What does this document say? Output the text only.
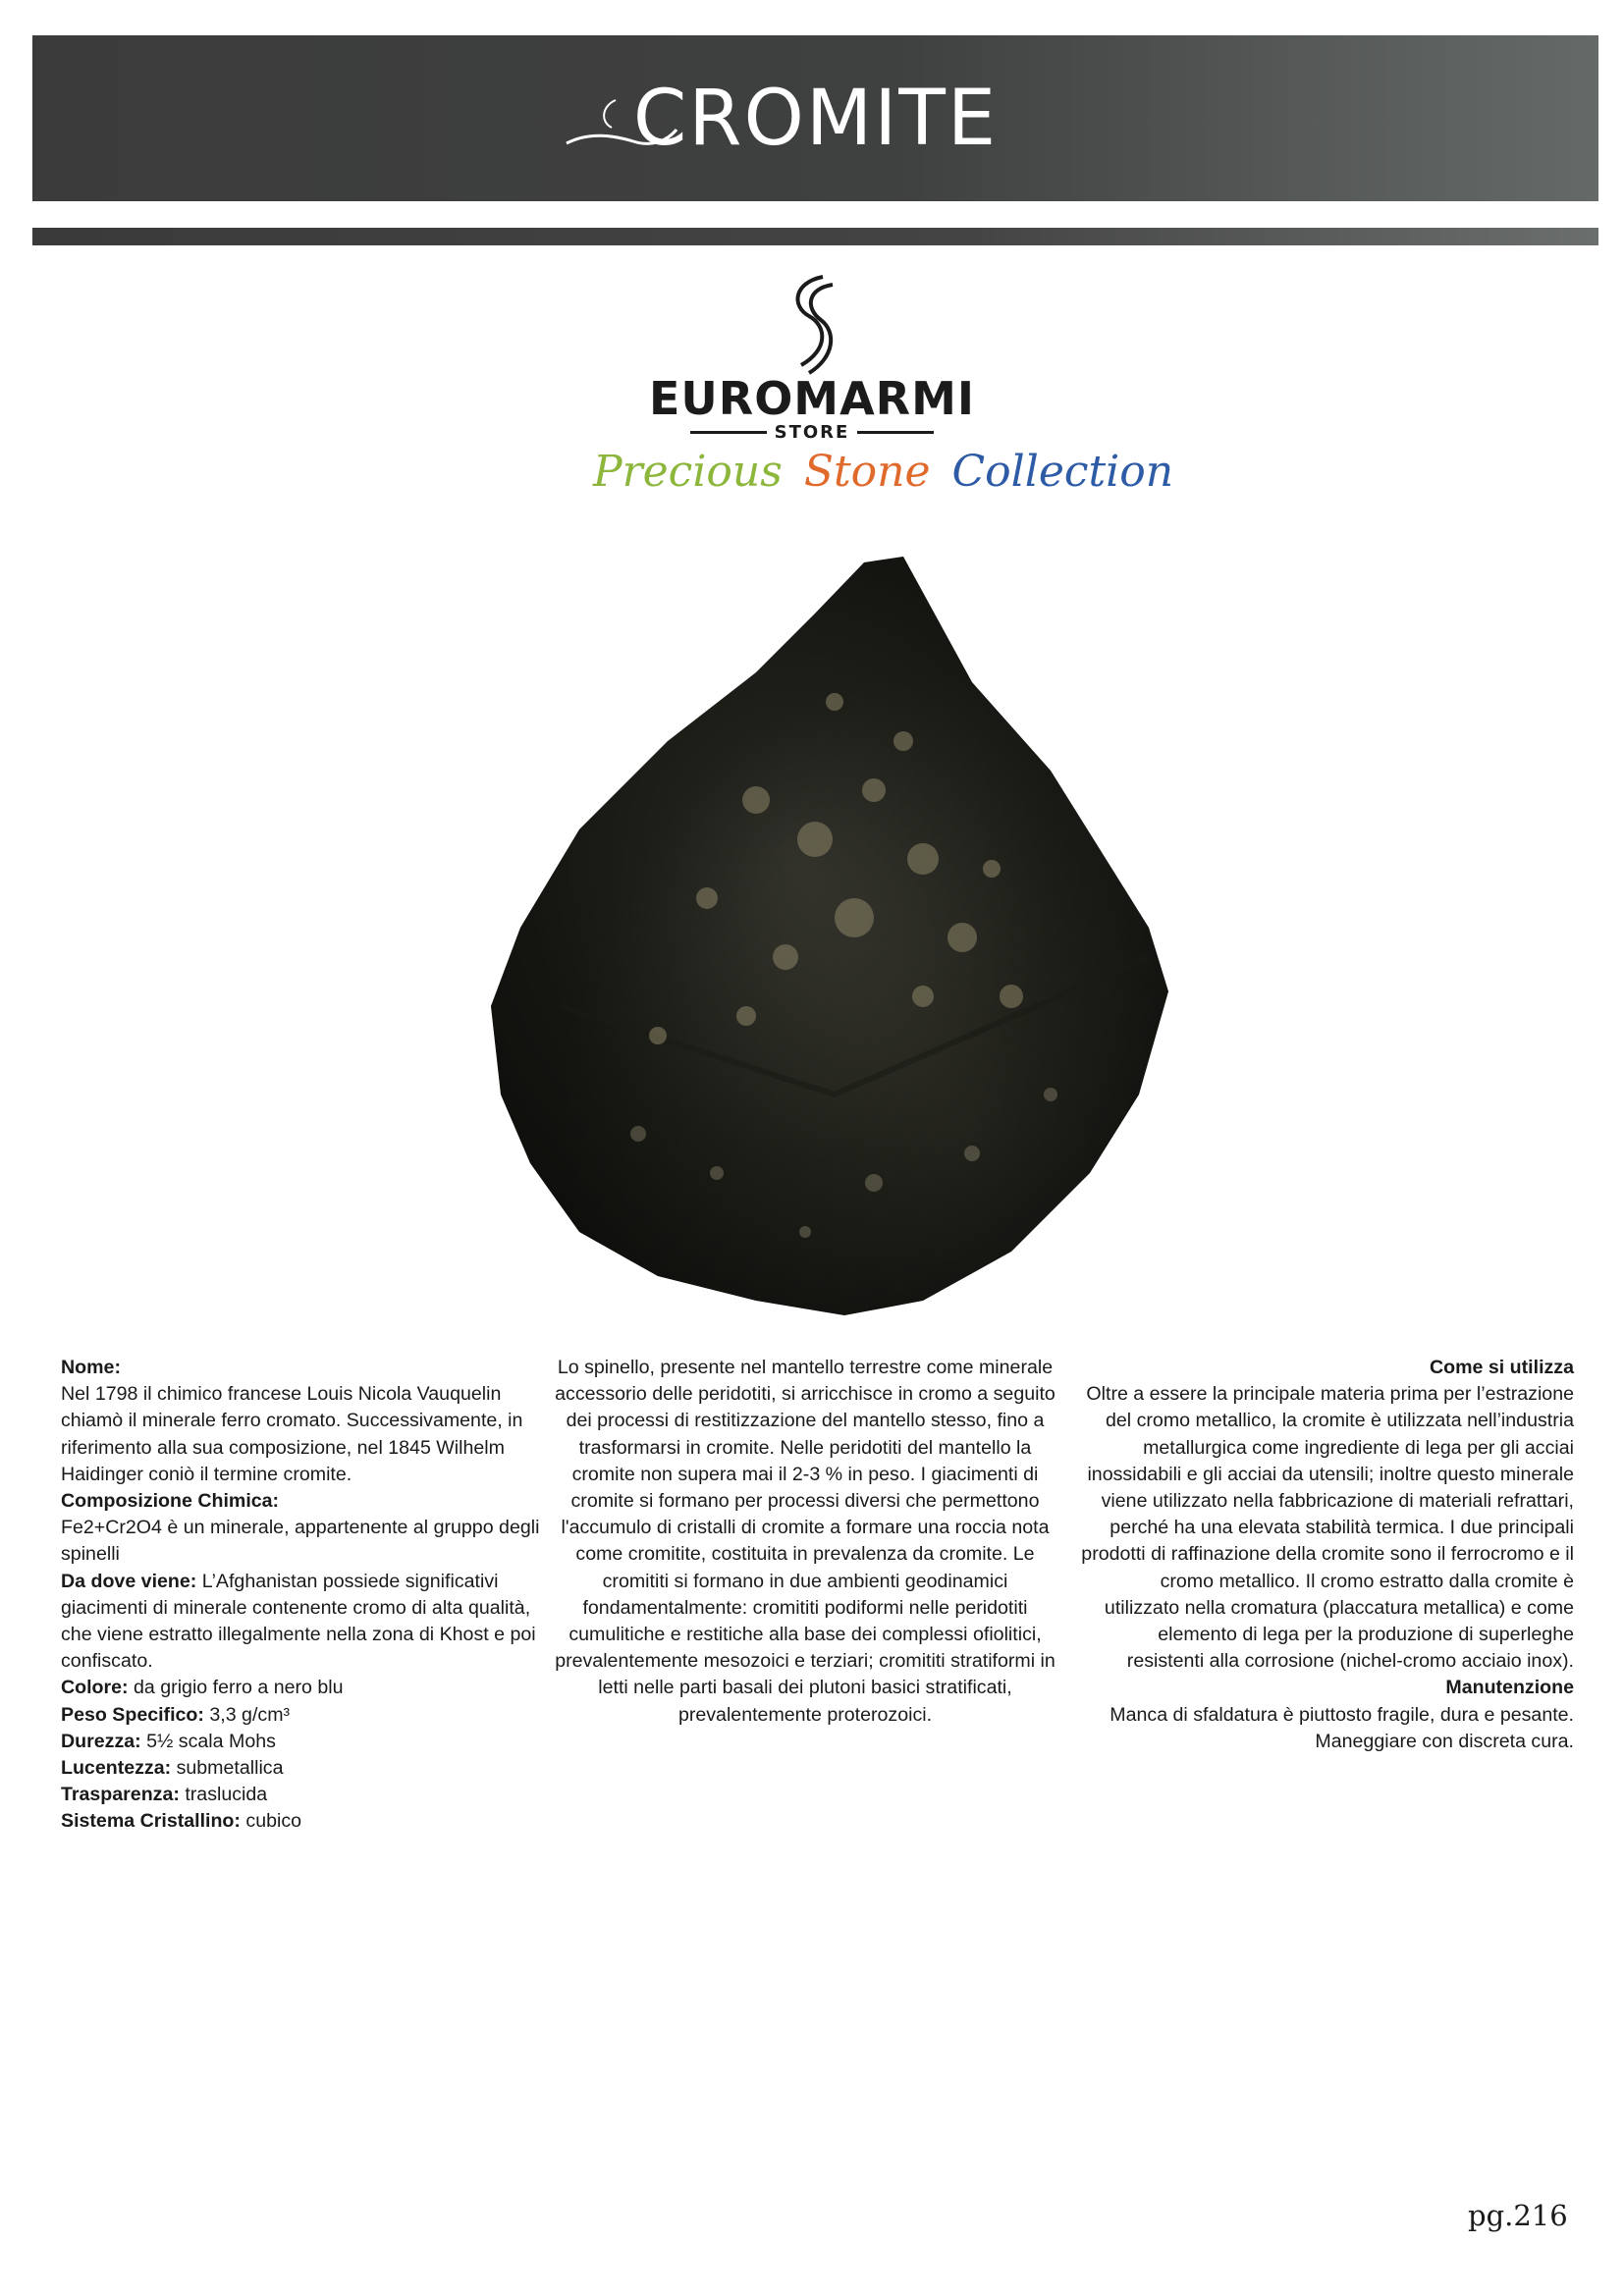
CROMITE
EUROMARMI
STORE
Precious Stone Collection

Nome:

Nel 1798 il chimico francese Louis Nicola Vauquelin chiamò il minerale ferro cromato. Successivamente, in riferimento alla sua composizione, nel 1845 Wilhelm Haidinger coniò il termine cromite.

Composizione Chimica:

Fe2+Cr2O4 è un minerale, appartenente al gruppo degli spinelli

Da dove viene: L’Afghanistan possiede significativi giacimenti di minerale contenente cromo di alta qualità, che viene estratto illegalmente nella zona di Khost e poi confiscato.

Colore: da grigio ferro a nero blu

Peso Specifico: 3,3 g/cm³

Durezza: 5½ scala Mohs

Lucentezza: submetallica

Trasparenza: traslucida

Sistema Cristallino: cubico

Lo spinello, presente nel mantello terrestre come minerale accessorio delle peridotiti, si arricchisce in cromo a seguito dei processi di restitizzazione del mantello stesso, fino a trasformarsi in cromite. Nelle peridotiti del mantello la cromite non supera mai il 2-3 % in peso. I giacimenti di cromite si formano per processi diversi che permettono l'accumulo di cristalli di cromite a formare una roccia nota come cromitite, costituita in prevalenza da cromite. Le cromititi si formano in due ambienti geodinamici fondamentalmente: cromititi podiformi nelle peridotiti cumulitiche e restitiche alla base dei complessi ofiolitici, prevalentemente mesozoici e terziari; cromititi stratiformi in letti nelle parti basali dei plutoni basici stratificati, prevalentemente proterozoici.

Come si utilizza

Oltre a essere la principale materia prima per l’estrazione del cromo metallico, la cromite è utilizzata nell’industria metallurgica come ingrediente di lega per gli acciai inossidabili e gli acciai da utensili; inoltre questo minerale viene utilizzato nella fabbricazione di materiali refrattari, perché ha una elevata stabilità termica. I due principali prodotti di raffinazione della cromite sono il ferrocromo e il cromo metallico. Il cromo estratto dalla cromite è utilizzato nella cromatura (placcatura metallica) e come elemento di lega per la produzione di superleghe resistenti alla corrosione (nichel-cromo acciaio inox).

Manutenzione

Manca di sfaldatura è piuttosto fragile, dura e pesante. Maneggiare con discreta cura.

pg.216
